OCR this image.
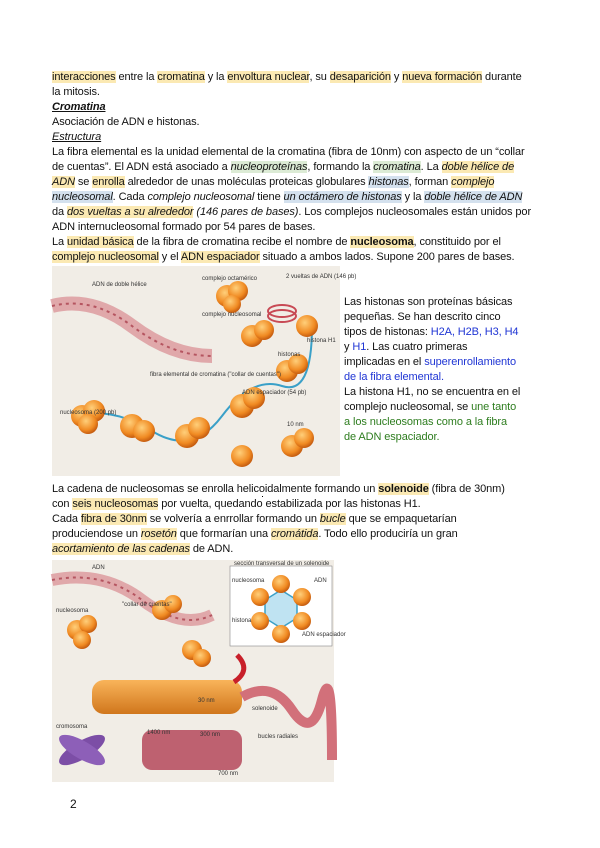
interacciones entre la cromatina y la envoltura nuclear, su desaparición y nueva formación durante
la mitosis.
Cromatina
Asociación de ADN e histonas.
Estructura
La fibra elemental es la unidad elemental de la cromatina (fibra de 10nm) con aspecto de un “collar
de cuentas”. El ADN está asociado a nucleoproteínas, formando la cromatina. La doble hélice de
ADN se enrolla alrededor de unas moléculas proteicas globulares histonas, forman complejo
nucleosomal. Cada complejo nucleosomal tiene un octámero de histonas y la doble hélice de ADN
da dos vueltas a su alrededor (146 pares de bases). Los complejos nucleosomales están unidos por
ADN internucleosomal formado por 54 pares de bases.
La unidad básica de la fibra de cromatina recibe el nombre de nucleosoma, constituido por el
complejo nucleosomal y el ADN espaciador situado a ambos lados. Supone 200 pares de bases.
ADN de doble hélice
complejo octamérico	2 vueltas de ADN (146 pb)
complejo nucleosomal
histona H1
histonas
fibra elemental de cromatina ("collar de cuentas")
ADN espaciador (54 pb)
nucleosoma (200 pb)
10 nm
Las histonas son proteínas básicas
pequeñas. Se han descrito cinco
tipos de histonas: H2A, H2B, H3, H4
y H1. Las cuatro primeras
implicadas en el superenrollamiento
de la fibra elemental.
La histona H1, no se encuentra en el
complejo nucleosomal, se une tanto
a los nucleosomas como a la fibra
de ADN espaciador.
La cadena de nucleosomas se enrolla helicoidalmente formando un solenoide (fibra de 30nm)
con seis nucleosomas por vuelta, quedando estabilizada por las histonas H1.
Cada fibra de 30nm se volvería a enrrollar formando un bucle que se empaquetarían
produciendose un rosetón que formarían una cromátida. Todo ello produciría un gran
acortamiento de las cadenas de ADN.
ADN
sección transversal de un solenoide
nucleosoma	ADN
histona
ADN espaciador
nucleosoma
"collar de cuentas"
30 nm
solenoide
cromosoma
1400 nm	300 nm	bucles radiales
700 nm
2
